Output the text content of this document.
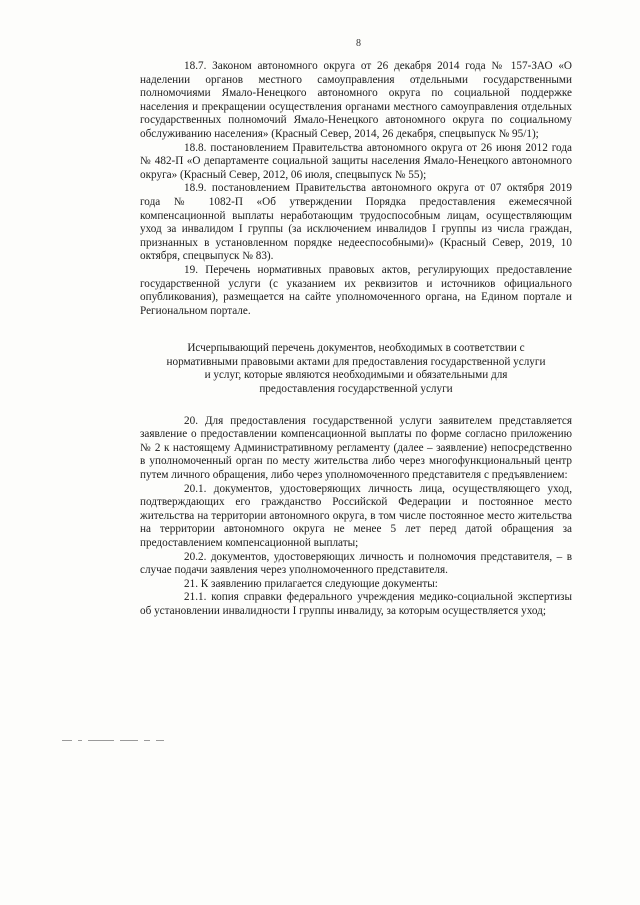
8

18.7. Законом автономного округа от 26 декабря 2014 года № 157-ЗАО «О наделении органов местного самоуправления отдельными государственными полномочиями Ямало-Ненецкого автономного округа по социальной поддержке населения и прекращении осуществления органами местного самоуправления отдельных государственных полномочий Ямало-Ненецкого автономного округа по социальному обслуживанию населения» (Красный Север, 2014, 26 декабря, спецвыпуск № 95/1);

18.8. постановлением Правительства автономного округа от 26 июня 2012 года № 482-П «О департаменте социальной защиты населения Ямало-Ненецкого автономного округа» (Красный Север, 2012, 06 июля, спецвыпуск № 55);

18.9. постановлением Правительства автономного округа от 07 октября 2019 года № 1082-П «Об утверждении Порядка предоставления ежемесячной компенсационной выплаты неработающим трудоспособным лицам, осуществляющим уход за инвалидом I группы (за исключением инвалидов I группы из числа граждан, признанных в установленном порядке недееспособными)» (Красный Север, 2019, 10 октября, спецвыпуск № 83).

19. Перечень нормативных правовых актов, регулирующих предоставление государственной услуги (с указанием их реквизитов и источников официального опубликования), размещается на сайте уполномоченного органа, на Едином портале и Региональном портале.

Исчерпывающий перечень документов, необходимых в соответствии с
нормативными правовыми актами для предоставления государственной услуги
и услуг, которые являются необходимыми и обязательными для
предоставления государственной услуги

20. Для предоставления государственной услуги заявителем представляется заявление о предоставлении компенсационной выплаты по форме согласно приложению № 2 к настоящему Административному регламенту (далее – заявление) непосредственно в уполномоченный орган по месту жительства либо через многофункциональный центр путем личного обращения, либо через уполномоченного представителя с предъявлением:

20.1. документов, удостоверяющих личность лица, осуществляющего уход, подтверждающих его гражданство Российской Федерации и постоянное место жительства на территории автономного округа, в том числе постоянное место жительства на территории автономного округа не менее 5 лет перед датой обращения за предоставлением компенсационной выплаты;

20.2. документов, удостоверяющих личность и полномочия представителя, – в случае подачи заявления через уполномоченного представителя.

21. К заявлению прилагается следующие документы:

21.1. копия справки федерального учреждения медико-социальной экспертизы об установлении инвалидности I группы инвалиду, за которым осуществляется уход;
